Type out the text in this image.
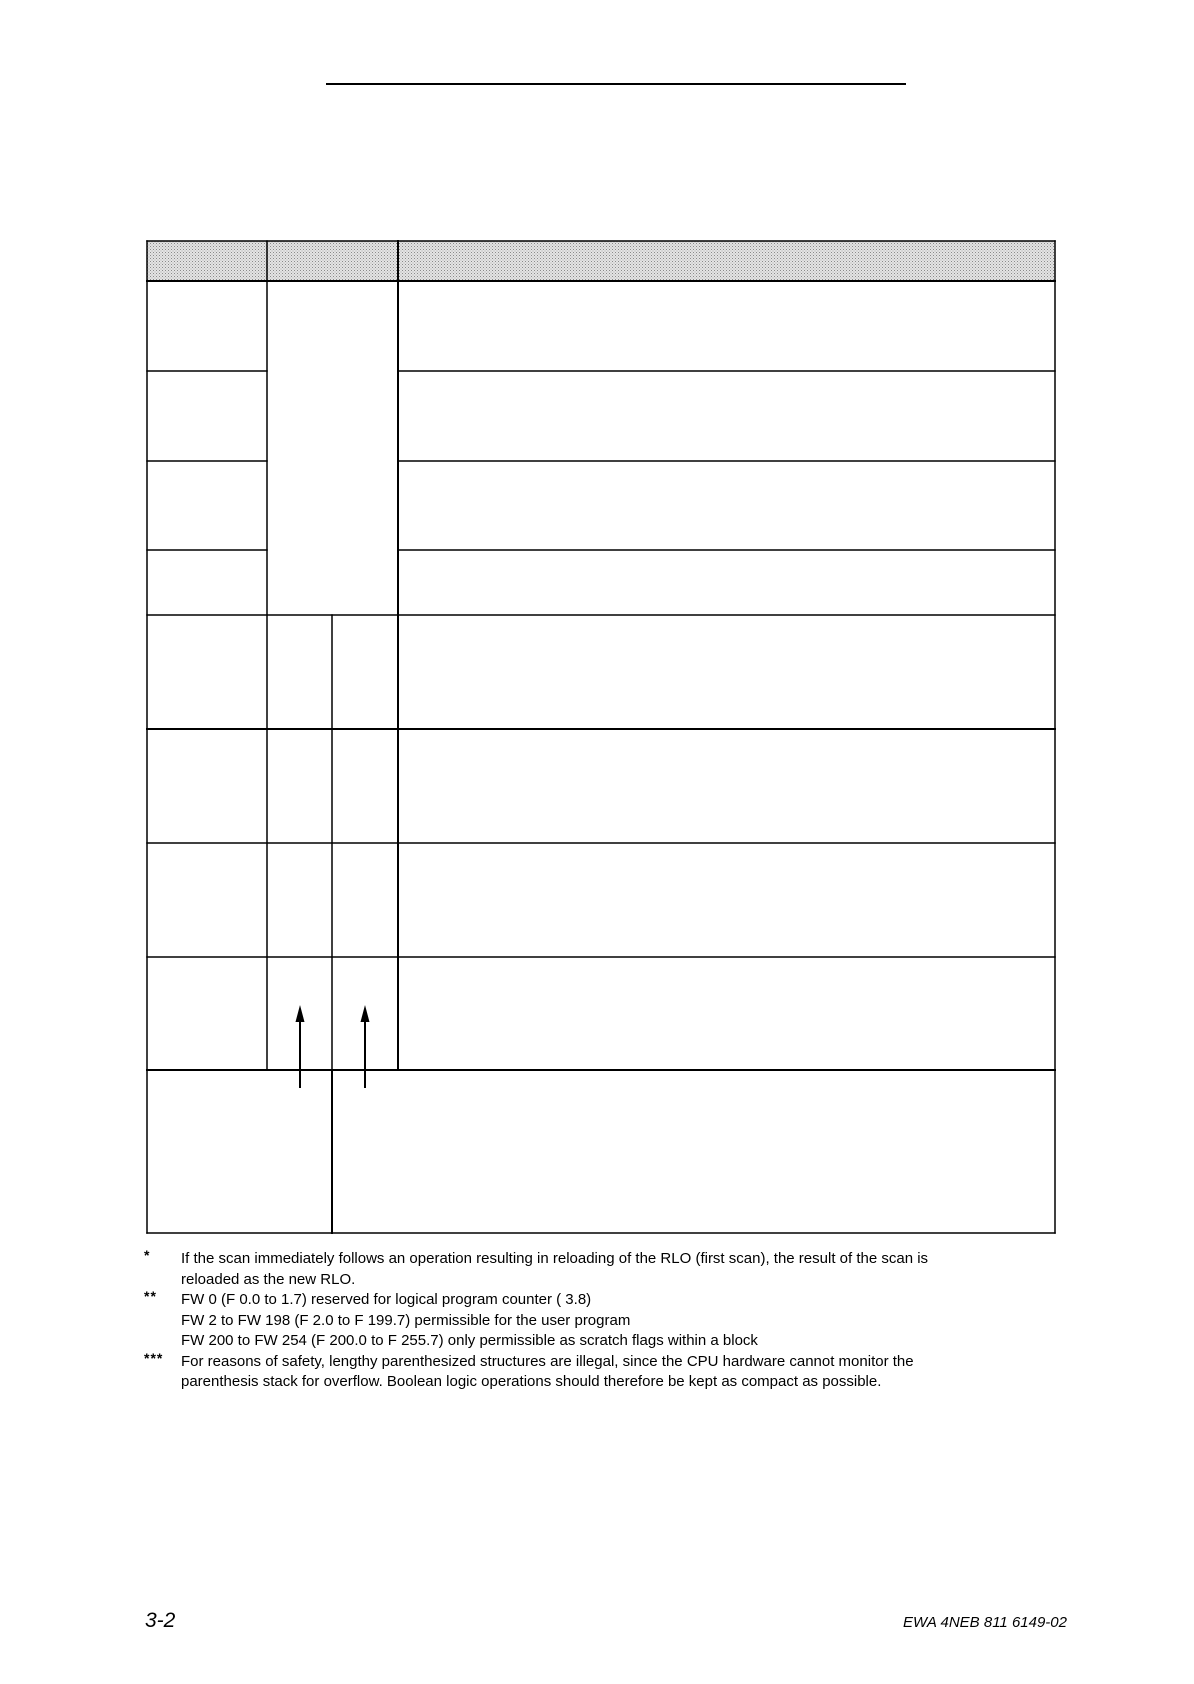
* If the scan immediately follows an operation resulting in reloading of the RLO (first scan), the result of the scan is
reloaded as the new RLO.
** FW 0 (F 0.0 to 1.7) reserved for logical program counter ( 3.8)
FW 2 to FW 198 (F 2.0 to F 199.7) permissible for the user program
FW 200 to FW 254 (F 200.0 to F 255.7) only permissible as scratch flags within a block
*** For reasons of safety, lengthy parenthesized structures are illegal, since the CPU hardware cannot monitor the
parenthesis stack for overflow. Boolean logic operations should therefore be kept as compact as possible.
3-2	EWA 4NEB 811 6149-02
